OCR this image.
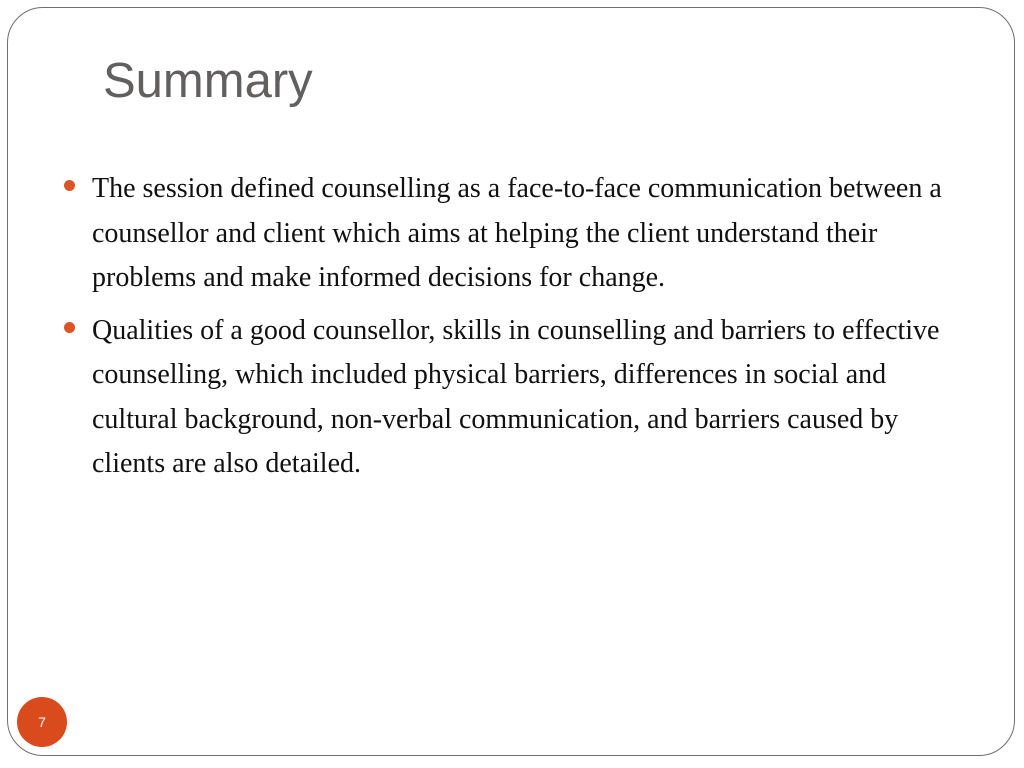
Summary
The session defined counselling as a face-to-face communication between a counsellor and client which aims at helping the client understand their problems and make informed decisions for change.
Qualities of a good counsellor, skills in counselling and barriers to effective counselling, which included physical barriers, differences in social and cultural background, non-verbal communication, and barriers caused by clients are also detailed.
7
